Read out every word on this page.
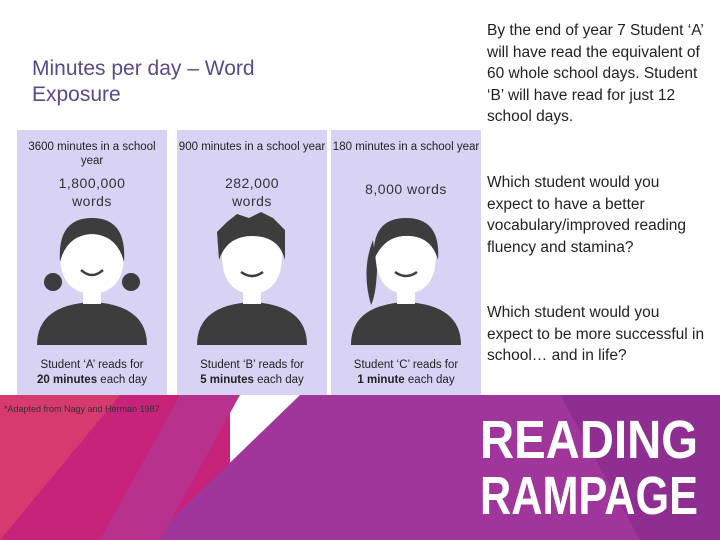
Minutes per day – Word Exposure
3600 minutes in a school year
1,800,000 words
Student ‘A’ reads for
20 minutes each day
900 minutes in a school year
282,000 words
Student ‘B’ reads for
5 minutes each day
180 minutes in a school year
8,000 words
Student ‘C’ reads for
1 minute each day
*Adapted from Nagy and Herman 1987
By the end of year 7 Student ‘A’ will have read the equivalent of 60 whole school days. Student ‘B’ will have read for just 12 school days.
Which student would you expect to have a better vocabulary/improved reading fluency and stamina?
Which student would you expect to be more successful in school… and in life?
READING
RAMPAGE
